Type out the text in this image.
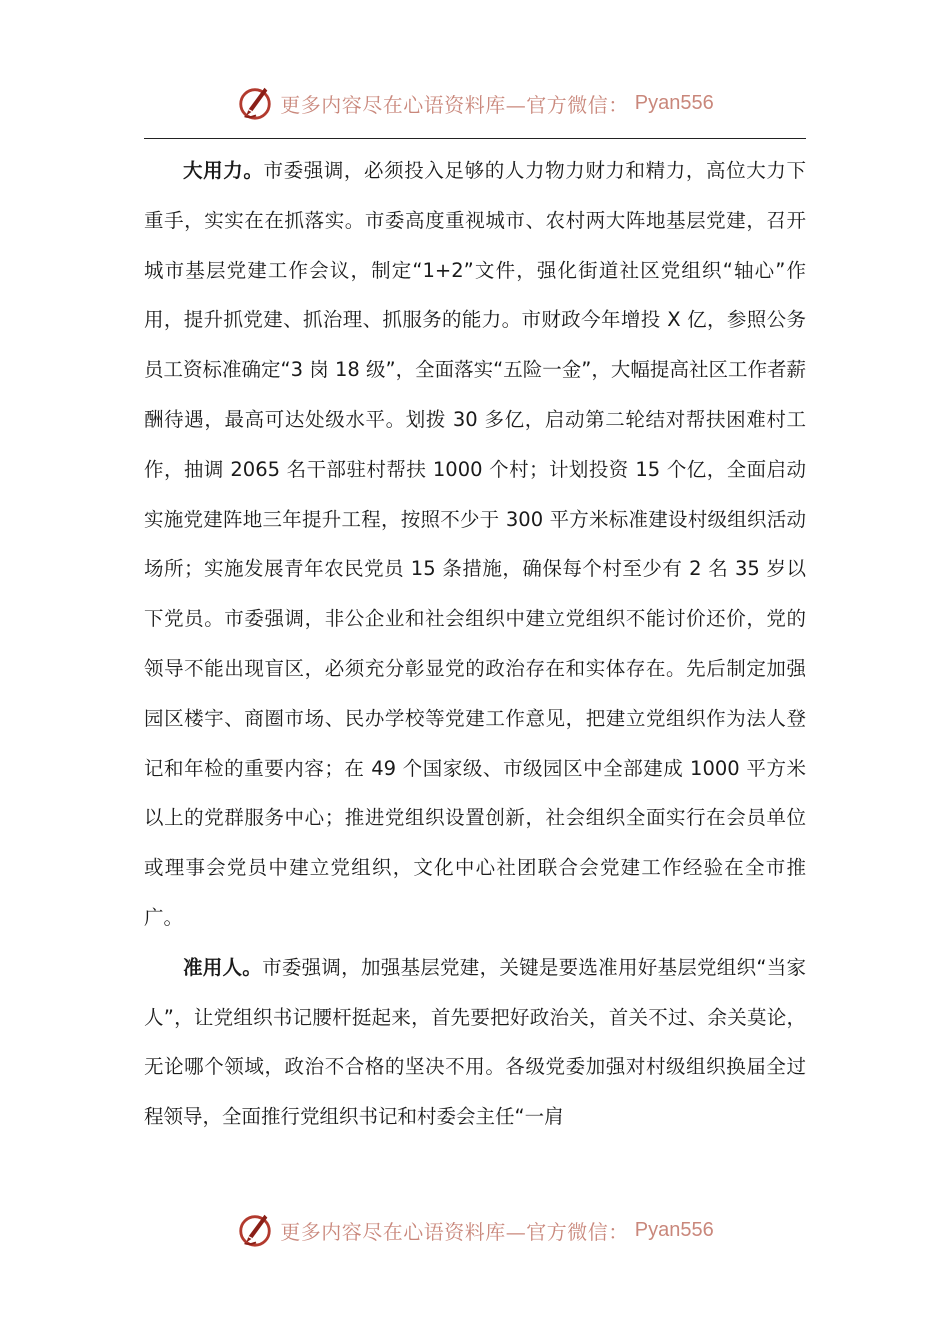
更多内容尽在心语资料库—官方微信： Pyan556

大用力。市委强调，必须投入足够的人力物力财力和精力，高位大力下重手，实实在在抓落实。市委高度重视城市、农村两大阵地基层党建，召开城市基层党建工作会议，制定“1+2”文件，强化街道社区党组织“轴心”作用，提升抓党建、抓治理、抓服务的能力。市财政今年增投 X 亿，参照公务员工资标准确定“3 岗 18 级”，全面落实“五险一金”，大幅提高社区工作者薪酬待遇，最高可达处级水平。划拨 30 多亿，启动第二轮结对帮扶困难村工作，抽调 2065 名干部驻村帮扶 1000 个村；计划投资 15 个亿，全面启动实施党建阵地三年提升工程，按照不少于 300 平方米标准建设村级组织活动场所；实施发展青年农民党员 15 条措施，确保每个村至少有 2 名 35 岁以下党员。市委强调，非公企业和社会组织中建立党组织不能讨价还价，党的领导不能出现盲区，必须充分彰显党的政治存在和实体存在。先后制定加强园区楼宇、商圈市场、民办学校等党建工作意见，把建立党组织作为法人登记和年检的重要内容；在 49 个国家级、市级园区中全部建成 1000 平方米以上的党群服务中心；推进党组织设置创新，社会组织全面实行在会员单位或理事会党员中建立党组织，文化中心社团联合会党建工作经验在全市推广。

准用人。市委强调，加强基层党建，关键是要选准用好基层党组织“当家人”，让党组织书记腰杆挺起来，首先要把好政治关，首关不过、余关莫论，无论哪个领域，政治不合格的坚决不用。各级党委加强对村级组织换届全过程领导，全面推行党组织书记和村委会主任“一肩

更多内容尽在心语资料库—官方微信： Pyan556
